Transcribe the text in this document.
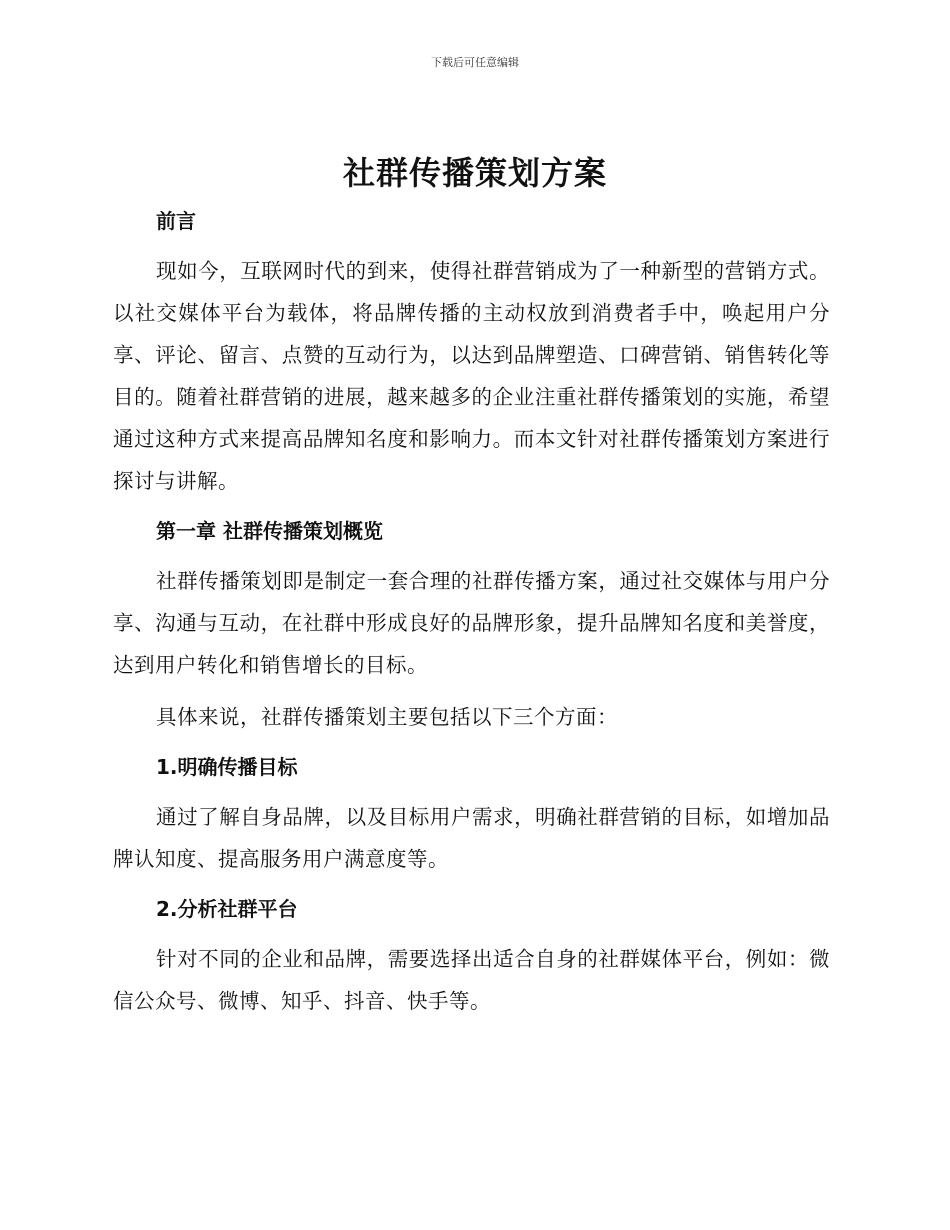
下载后可任意编辑
社群传播策划方案

前言

现如今，互联网时代的到来，使得社群营销成为了一种新型的营销方式。以社交媒体平台为载体，将品牌传播的主动权放到消费者手中，唤起用户分享、评论、留言、点赞的互动行为，以达到品牌塑造、口碑营销、销售转化等目的。随着社群营销的进展，越来越多的企业注重社群传播策划的实施，希望通过这种方式来提高品牌知名度和影响力。而本文针对社群传播策划方案进行探讨与讲解。

第一章 社群传播策划概览

社群传播策划即是制定一套合理的社群传播方案，通过社交媒体与用户分享、沟通与互动，在社群中形成良好的品牌形象，提升品牌知名度和美誉度，达到用户转化和销售增长的目标。

具体来说，社群传播策划主要包括以下三个方面：

1.明确传播目标

通过了解自身品牌，以及目标用户需求，明确社群营销的目标，如增加品牌认知度、提高服务用户满意度等。

2.分析社群平台

针对不同的企业和品牌，需要选择出适合自身的社群媒体平台，例如：微信公众号、微博、知乎、抖音、快手等。
